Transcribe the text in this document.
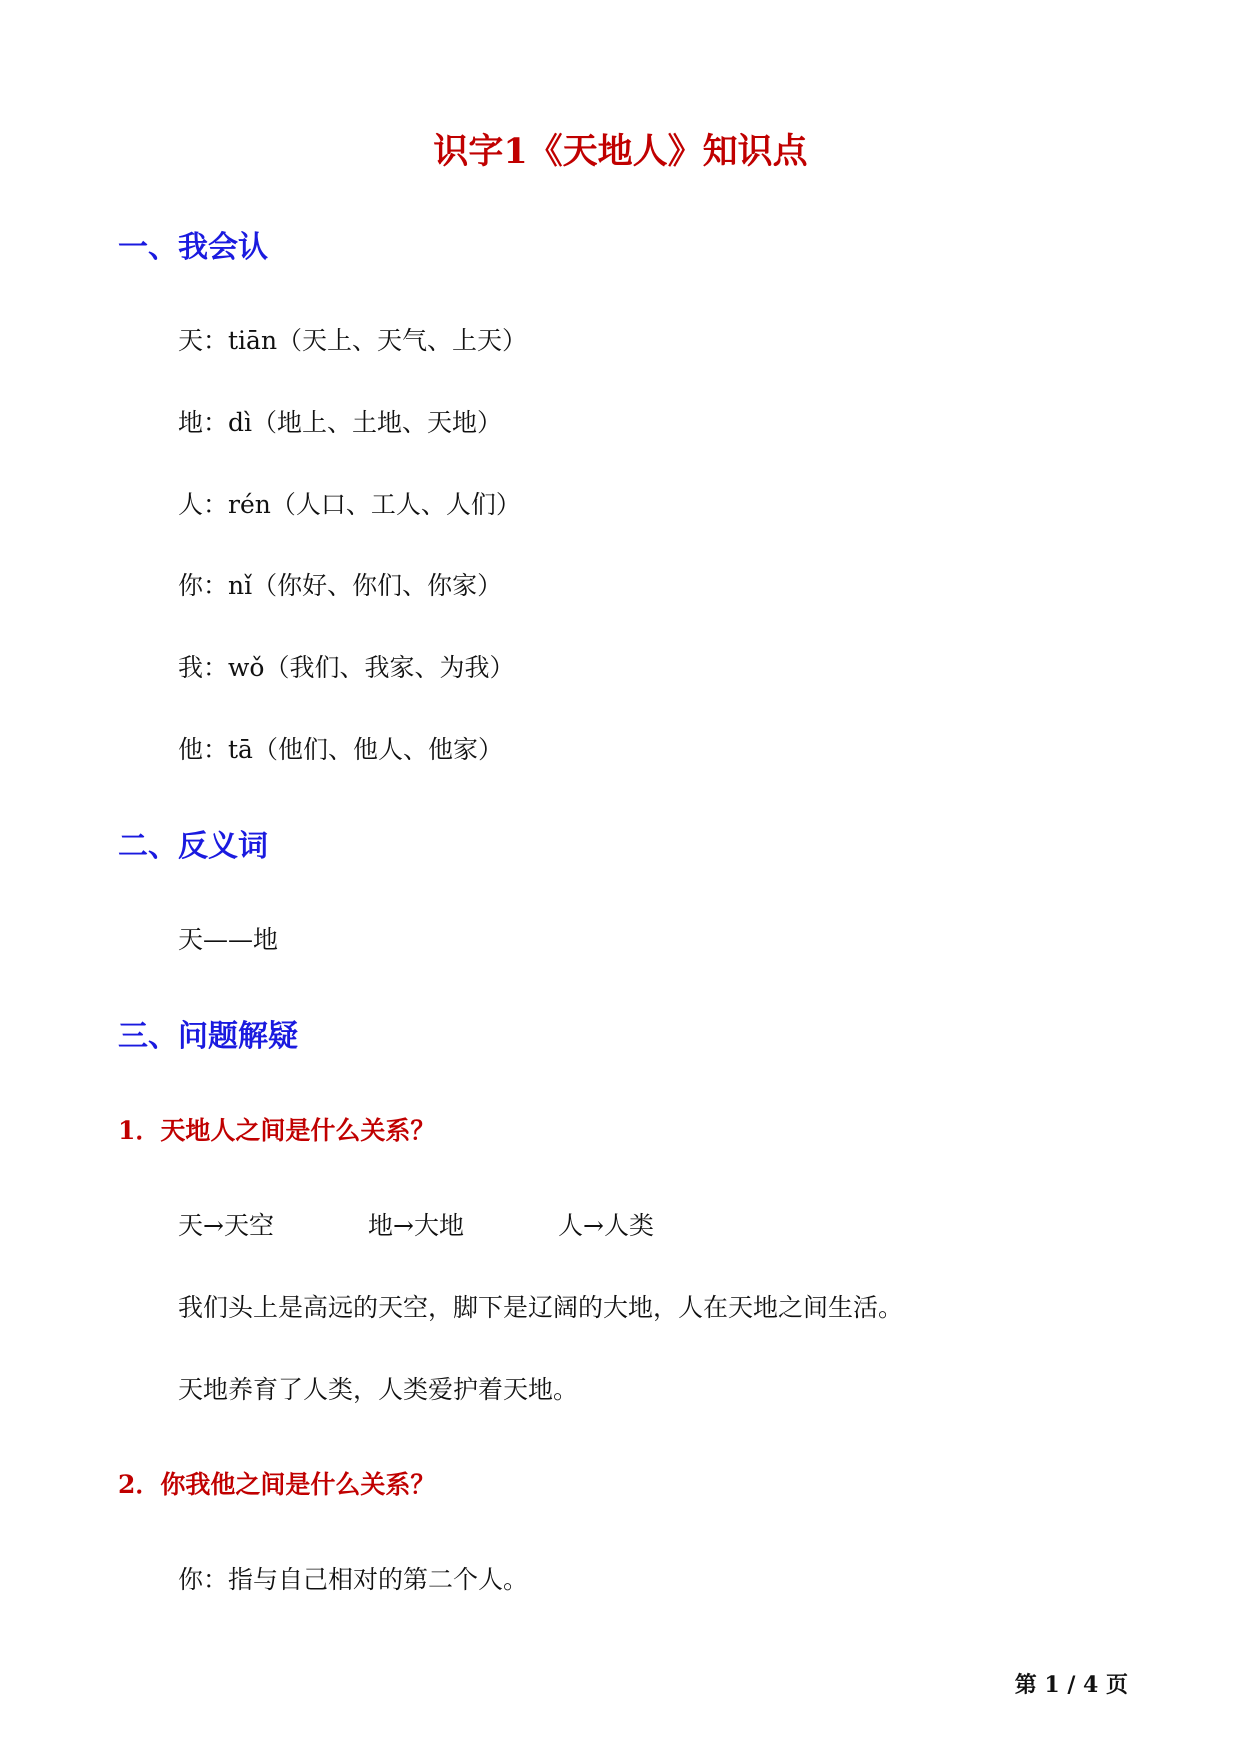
识字1《天地人》知识点
一、我会认
天：tiān（天上、天气、上天）
地：dì（地上、土地、天地）
人：rén（人口、工人、人们）
你：nǐ（你好、你们、你家）
我：wǒ（我们、我家、为我）
他：tā（他们、他人、他家）
二、反义词
天——地
三、问题解疑
1．天地人之间是什么关系？
天→天空	地→大地	人→人类
我们头上是高远的天空，脚下是辽阔的大地，人在天地之间生活。
天地养育了人类，人类爱护着天地。
2．你我他之间是什么关系？
你：指与自己相对的第二个人。
第 1 / 4 页
